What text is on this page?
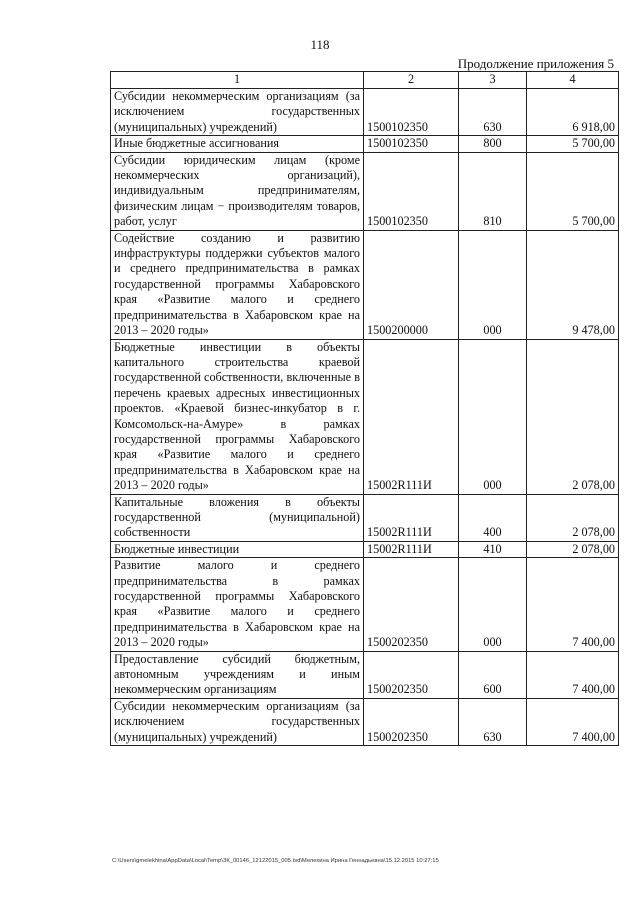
118
Продолжение приложения 5
1	2	3	4
Субсидии некоммерческим организациям (за исключением государственных (муниципальных) учреждений)	1500102350	630	6 918,00
Иные бюджетные ассигнования	1500102350	800	5 700,00
Субсидии юридическим лицам (кроме некоммерческих организаций), индивидуальным предпринимателям, физическим лицам − производителям товаров, работ, услуг	1500102350	810	5 700,00
Содействие созданию и развитию инфраструктуры поддержки субъектов малого и среднего предпринимательства в рамках государственной программы Хабаровского края «Развитие малого и среднего предпринимательства в Хабаровском крае на 2013 – 2020 годы»	1500200000	000	9 478,00
Бюджетные инвестиции в объекты капитального строительства краевой государственной собственности, включенные в перечень краевых адресных инвестиционных проектов. «Краевой бизнес-инкубатор в г. Комсомольск-на-Амуре» в рамках государственной программы Хабаровского края «Развитие малого и среднего предпринимательства в Хабаровском крае на 2013 – 2020 годы»	15002R111И	000	2 078,00
Капитальные вложения в объекты государственной (муниципальной) собственности	15002R111И	400	2 078,00
Бюджетные инвестиции	15002R111И	410	2 078,00
Развитие малого и среднего предпринимательства в рамках государственной программы Хабаровского края «Развитие малого и среднего предпринимательства в Хабаровском крае на 2013 – 2020 годы»	1500202350	000	7 400,00
Предоставление субсидий бюджетным, автономным учреждениям и иным некоммерческим организациям	1500202350	600	7 400,00
Субсидии некоммерческим организациям (за исключением государственных (муниципальных) учреждений)	1500202350	630	7 400,00
C:\Users\gmelekhina\AppData\Local\Temp\ЗК_00146_12122015_005.tsd\Мелехина Ирина Геннадьевна\15.12.2015 10:27:15
